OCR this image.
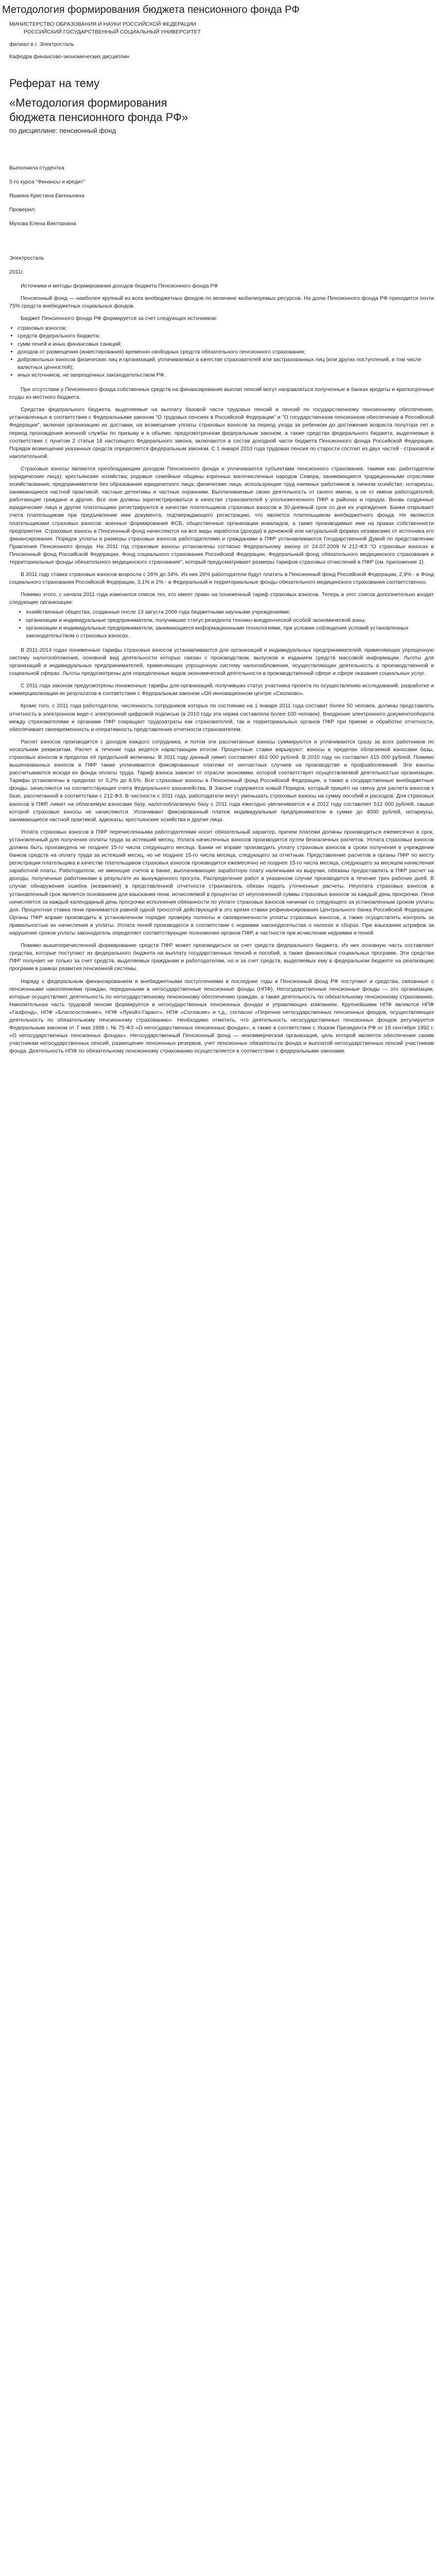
Методология формирования бюджета пенсионного фонда РФ
МИНИСТЕРСТВО ОБРАЗОВАНИЯ И НАУКИ РОССИЙСКОЙ ФЕДЕРАЦИИ
РОССИЙСКИЙ ГОСУДАРСТВЕННЫЙ СОЦИАЛЬНЫЙ УНИВЕРСИТЕТ
филиал в г. Электросталь
Кафедра финансово-экономических дисциплин
Реферат на тему
«Методология формирования
бюджета пенсионного фонда РФ»
по дисциплине: пенсионный фонд
Выполнила студентка
5-го курса "Финансы и кредит"
Яшкина Кристина Евгеньевна
Проверил:
Мухова Елена Викторовна
Электросталь
2011г.

Источники и методы формирования доходов бюджета Пенсионного фонда РФ

Пенсионный фонд — наиболее крупный из всех внебюджетных фондов по величине мобилизуемых ресурсов. На долю Пенсионного фонда РФ приходится почти 75% средств внебюджетных социальных фондов.

Бюджет Пенсионного фонда РФ формируется за счет следующих источников:

• страховых взносов;
• средств федерального бюджета;
• сумм пеней и иных финансовых санкций;
• доходов от размещения (инвестирования) временно свободных средств обязательного пенсионного страхования;
• добровольных взносов физических лиц и организаций, уплачиваемых в качестве страхователей или застрахованных лиц (или других поступлений, в том числе валютных ценностей);
• иных источников, не запрещенных законодательством РФ.

При отсутствии у Пенсионного фонда собственных средств на финансирование выплат пенсий могут направляться полученные в банках кредиты и краткосрочные ссуды из местного бюджета.

Средства федерального бюджета, выделяемые на выплату базовой части трудовых пенсий и пенсий по государственному пенсионному обеспечению, установленных в соответствии с Федеральными законом "О трудовых пенсиях в Российской Федерации" и "О государственном пенсионном обеспечении в Российской Федерации", включая организацию их доставки, на возмещение уплаты страховых взносов за период ухода за ребенком до достижения возраста полутора лет и период прохождения военной службы по призыву и в объеме, предусмотренном федеральным законом, а также средства федерального бюджета, выделяемые в соответствии с пунктом 2 статьи 18 настоящего Федерального закона, включаются в состав доходной части бюджета Пенсионного фонда Российской Федерации. Порядок возмещения указанных средств определяется федеральным законом. С 1 января 2010 года трудовая пенсия по старости состоит из двух частей - страховой и накопительной.

Страховые взносы являются преобладающим доходом Пенсионного фонда и уплачиваются субъектами пенсионного страхования, такими как: работодатели (юридические лица); крестьянские хозяйства; родовые семейные общины коренных малочисленных народов Севера, занимающиеся традиционными отраслями хозяйствования; предприниматели без образования юридического лица; физические лица, использующие труд наемных работников в личном хозяйстве; нотариусы, занимающиеся частной практикой; частные детективы и частные охранники. Выплачиваемые своих деятельность от своего имени, а не от имени работодателей; работающие граждане и другие. Все они должны зарегистрироваться в качестве страхователей у уполномоченного ПФР в районах и городах. Вновь созданные юридические лица и другие плательщики регистрируются в качестве плательщиков страховых взносов в 30-дневный срок со дня их учреждения. Банки открывают счета плательщикам при предъявлении ими документа, подтверждающего регистрацию, что является плательщиком внебюджетного фонда. Не являются плательщиками страховых взносов: военные формирования ФСБ, общественные организации инвалидов, а также производимые ими на правах собственности предприятия. Страховые взносы в Пенсионный фонд начисляются на все виды заработка (дохода) в денежной или натуральной формах независимо от источника его финансирования. Порядок уплаты и размеры страховых взносов работодателями и гражданами в ПФР устанавливаются Государственной Думой по представлению Правления Пенсионного фонда. На 2011 год страховые взносы установлены согласно Федеральному закону от 24.07.2009 N 212-ФЗ "О страховых взносах в Пенсионный фонд Российской Федерации, Фонд социального страхования Российской Федерации, Федеральный фонд обязательного медицинского страхования и территориальные фонды обязательного медицинского страхования", который предусматривает размеры тарифов страховых отчислений в ПФР (см. приложение 1).

В 2011 году ставка страховых взносов возросла с 26% до 34%. Из них 26% работодатели будут платить в Пенсионный фонд Российской Федерации, 2,9% - в Фонд социального страхования Российской Федерации, 3,1% и 2% - в Федеральный и территориальные фонды обязательного медицинского страхования соответственно.

Помимо этого, с начала 2011 года изменился список тех, кто имеет право на пониженный тариф страховых взносов. Теперь в этот список дополнительно входят следующие организации:

• хозяйственные общества, созданные после 13 августа 2009 года бюджетными научными учреждениями;
• организации и индивидуальные предприниматели, получившие статус резидента технико-внедренческой особой экономической зоны;
• организации и индивидуальные предприниматели, занимающиеся информационными технологиями, при условии соблюдения условий установленных законодательством о страховых взносах.

В 2011-2014 годах пониженные тарифы страховых взносов устанавливаются для организаций и индивидуальных предпринимателей, применяющих упрощенную систему налогообложения, основной вид деятельности которых связан с производством, выпуском и изданием средств массовой информации. Льготы для организаций и индивидуальных предпринимателей, применяющих упрощенную систему налогообложения, осуществляющих деятельность в производственной и социальной сферах. Льготы предусмотрены для определенных видов экономической деятельности в производственной сфере и сфере оказания социальных услуг.

С 2011 года законом предусмотрены пониженные тарифы для организаций, получивших статус участника проекта по осуществлению исследований, разработке и коммерциализации их результатов в соответствии с Федеральным законом «Об инновационном центре «Сколково».

Кроме того, с 2011 года работодатели, численность сотрудников которых по состоянию на 1 января 2011 года составит более 50 человек, должны представлять отчетность в электронном виде с электронной цифровой подписью (в 2010 году эта норма составляла более 100 человек). Внедрение электронного документооборота между страхователями и органами ПФР сокращает трудозатраты как страхователей, так и территориальных органов ПФР при приеме и обработке отчетности, обеспечивает своевременность и оперативность представления отчетности страхователем.

Расчет взносов производится с доходов каждого сотрудника, и потом эти рассчитанные взносы суммируются и уплачиваются сразу за всех работников по нескольким реквизитам. Расчет в течение года ведется нарастающим итогом. Процентные ставки варьируют: взносы в пределах облагаемой взносами базы, страховых взносов в пределах её предельной величины. В 2011 году данный лимит составляет 463 000 рублей. В 2010 году он составлял 415 000 рублей. Помимо вышеназванных взносов в ПФР также уплачиваются фиксированные платежи от несчастных случаев на производстве и профзаболеваний. Эти взносы рассчитываются исходя из фонда оплаты труда. Тариф взноса зависит от отрасли экономики, которой соответствует осуществляемой деятельностью организации. Тарифы установлены в пределах от 0,2% до 8,5%. Все страховые взносы в Пенсионный фонд Российской Федерации, а также в государственные внебюджетные фонды, зачисляются на соответствующие счета Федерального казначейства. В Законе содержится новый Порядок, который пришёл на смену для расчета взносов к базе, рассчитанной в соответствии с 212-ФЗ. В частности с 2011 года, работодатели могут уменьшать страховые взносы на сумму пособий и расходов. Для страховых взносов в ПФР, лимит на облагаемую взносами базу, налогооблагаемую базу с 2011 года ежегодно увеличивается и в 2012 году составляет 512 000 рублей, свыше которой страховые взносы не начисляются. Уплачивают фиксированный платеж индивидуальные предприниматели в сумме до 4000 рублей, нотариусы, занимающиеся частной практикой, адвокаты, крестьянские хозяйства и другие лица.

Уплата страховых взносов в ПФР перечисленными работодателями носит обязательный характер, причем платежи должны производиться ежемесячно в срок, установленный для получения оплаты труда за истекший месяц. Уплата начисленных взносов производится путем безналичных расчетов. Уплата страховых взносов должна быть произведена не позднее 15-го числа следующего месяца. Банки не вправе производить уплату страховых взносов в сроки получения в учреждении банков средств на оплату труда за истекший месяц, но не позднее 15-го числа месяца, следующего за отчетным. Представление расчетов в органы ПФР по месту регистрации плательщика в качестве плательщиков страховых взносов производится ежемесячно не позднее 15-го числа месяца, следующего за месяцем начисления заработной платы. Работодатели, не имеющие счетов в банке, выплачивающие заработную плату наличными из выручки, обязаны предоставлять в ПФР расчет на доходы, полученные работниками в результате их вынужденного прогула. Распределение работ в указанном случае производится в течение трех рабочих дней. В случае обнаружения ошибок (искажения) в представленной отчетности страхователь обязан подать уточненные расчеты. Неуплата страховых взносов в установленный срок является основанием для взыскания пени, исчисляемой в процентах от неуплаченной суммы страховых взносов за каждый день просрочки. Пеня начисляется за каждый календарный день просрочки исполнения обязанности по уплате страховых взносов начиная со следующего за установленным сроком уплаты дня. Процентная ставка пени принимается равной одной трехсотой действующей в это время ставки рефинансирования Центрального банка Российской Федерации. Органы ПФР вправе производить в установленном порядке проверку полноты и своевременности уплаты страховых взносов, а также осуществлять контроль за правильностью их начисления и уплаты. Уплата пеней производится в соответствии с нормами законодательства о налогах и сборах. При взыскании штрафов за нарушение сроков уплаты законодатель определяет соответствующие полномочия органов ПФР, в частности при исчислении недоимки и пеней.

Помимо вышеперечисленной формирование средств ПФР может производиться за счет средств федерального бюджета. Из них основную часть составляют средства, которые поступают из федерального бюджета на выплату государственных пенсий и пособий, а также финансовых социальных программ. Эти средства ПФР получает не только за счет средств, выделяемых гражданам и работодателям, но и за счет средств, выделяемых ему в федеральном бюджете на реализацию программ в рамках развития пенсионной системы.

Наряду с федеральным финансированием и внебюджетными поступлениями в последние годы в Пенсионный фонд РФ поступают и средства, связанные с пенсионными накоплениями граждан, переданными в негосударственные пенсионные фонды (НПФ). Негосударственные пенсионные фонды — это организации, которые осуществляют деятельность по негосударственному пенсионному обеспечению граждан, а также деятельность по обязательному пенсионному страхованию. Накопительная часть трудовой пенсии формируется в негосударственных пенсионных фондах и управляющих компаниях. Крупнейшими НПФ являются НПФ «Газфонд», НПФ «Благосостояние», НПФ «Лукойл-Гарант», НПФ «Согласие» и т.д., согласно «Перечню негосударственных пенсионных фондов, осуществляющих деятельность по обязательному пенсионному страхованию». Необходимо отметить, что деятельность негосударственных пенсионных фондов регулируется Федеральным законом от 7 мая 1998 г. № 75-ФЗ «О негосударственных пенсионных фондах», а также в соответствии с Указом Президента РФ от 16 сентября 1992 г. «О негосударственных пенсионных фондах». Негосударственный Пенсионный фонд — некоммерческая организация, цель которой является обеспечение своим участникам негосударственных пенсий, размещение пенсионных резервов, учет пенсионных обязательств фонда и выплатой негосударственных пенсий участникам фонда. Деятельность НПФ по обязательному пенсионному страхованию осуществляется в соответствии с федеральными законами.
